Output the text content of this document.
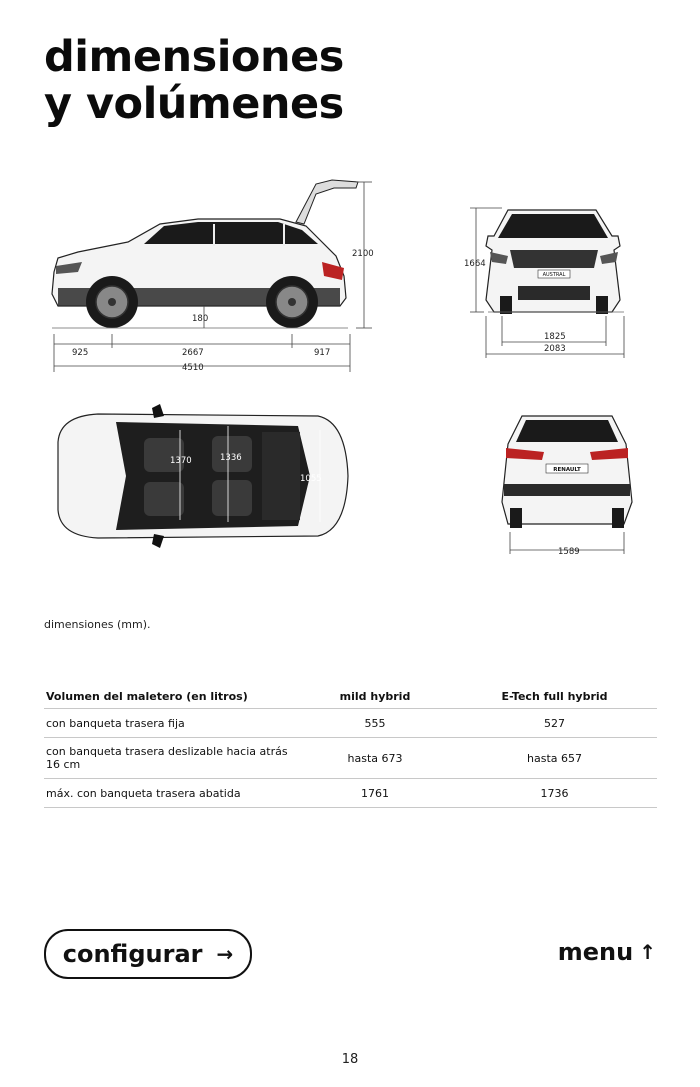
dimensiones
y volúmenes
2100
180
925	2667	917
4510
AUSTRAL
1664
1825
2083
1370	1336
1055
RENAULT
1589
dimensiones (mm).
Volumen del maletero (en litros)	mild hybrid	E-Tech full hybrid
con banqueta trasera fija	555	527
con banqueta trasera deslizable hacia atrás 16 cm	hasta 673	hasta 657
máx. con banqueta trasera abatida	1761	1736
configurar →	menu ↑
18
